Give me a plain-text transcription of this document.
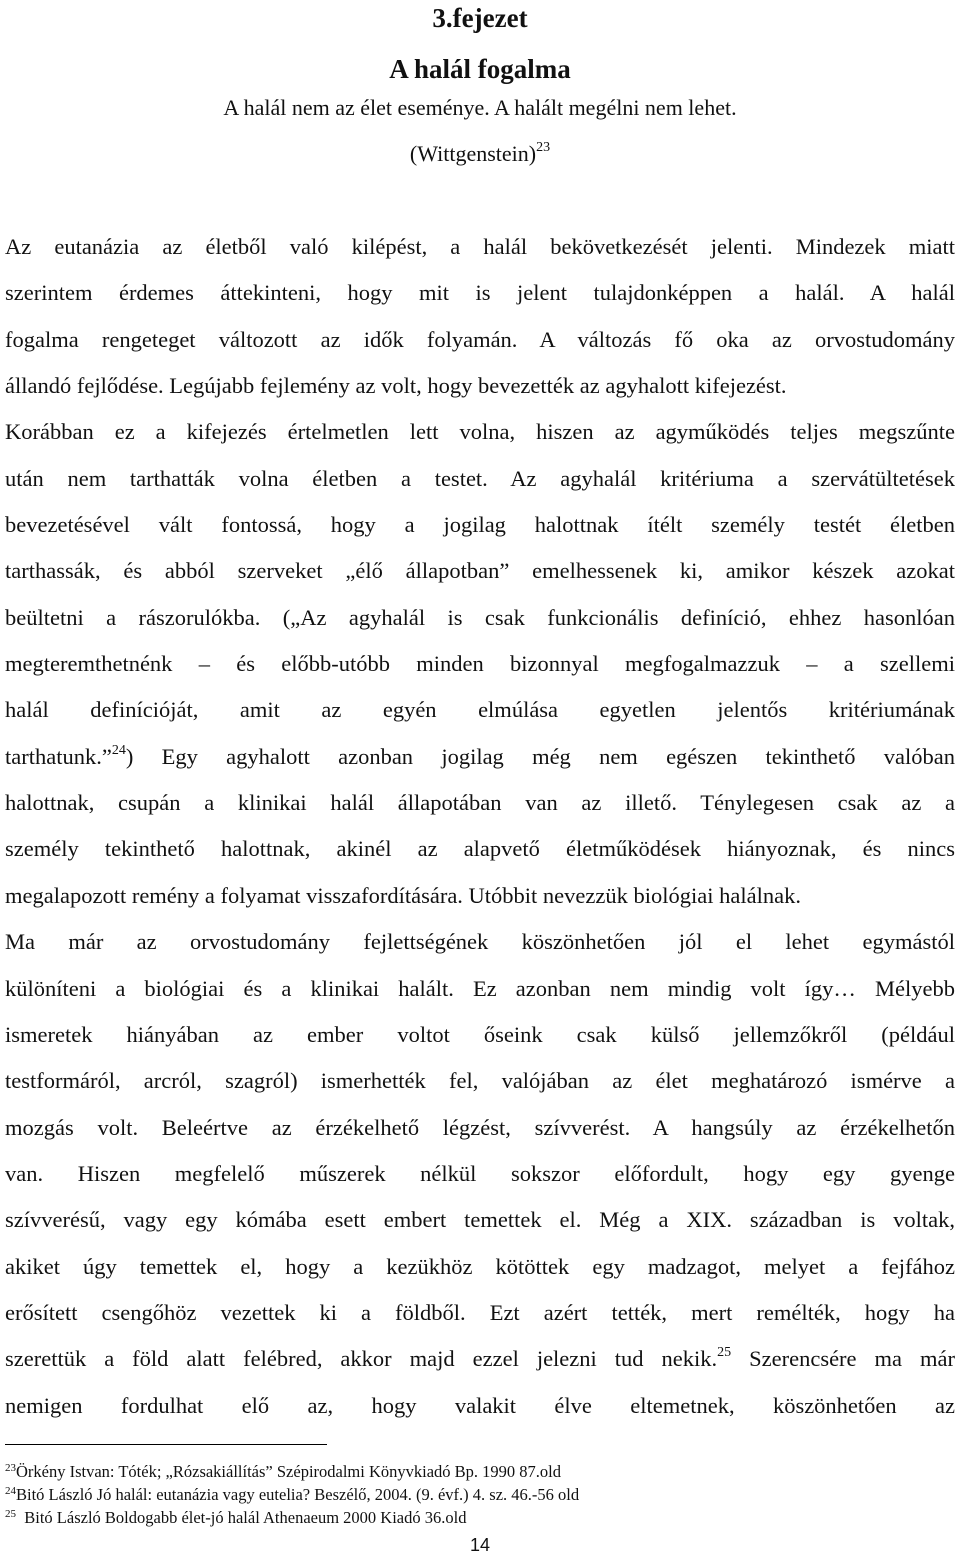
3.fejezet
A halál fogalma
A halál nem az élet eseménye. A halált megélni nem lehet.
(Wittgenstein)$^{23}$
Az eutanázia az életből való kilépést, a halál bekövetkezését jelenti. Mindezek miatt
szerintem érdemes áttekinteni, hogy mit is jelent tulajdonképpen a halál. A halál
fogalma rengeteget változott az idők folyamán. A változás fő oka az orvostudomány
állandó fejlődése. Legújabb fejlemény az volt, hogy bevezették az agyhalott kifejezést.
Korábban ez a kifejezés értelmetlen lett volna, hiszen az agyműködés teljes megszűnte
után nem tarthatták volna életben a testet. Az agyhalál kritériuma a szervátültetések
bevezetésével vált fontossá, hogy a jogilag halottnak ítélt személy testét életben
tarthassák, és abból szerveket „élő állapotban” emelhessenek ki, amikor készek azokat
beültetni a rászorulókba. („Az agyhalál is csak funkcionális definíció, ehhez hasonlóan
megteremthetnénk – és előbb-utóbb minden bizonnyal megfogalmazzuk – a szellemi
halál definícióját, amit az egyén elmúlása egyetlen jelentős kritériumának
tarthatunk.”$^{24}$) Egy agyhalott azonban jogilag még nem egészen tekinthető valóban
halottnak, csupán a klinikai halál állapotában van az illető. Ténylegesen csak az a
személy tekinthető halottnak, akinél az alapvető életműködések hiányoznak, és nincs
megalapozott remény a folyamat visszafordítására. Utóbbit nevezzük biológiai halálnak.
Ma már az orvostudomány fejlettségének köszönhetően jól el lehet egymástól
különíteni a biológiai és a klinikai halált. Ez azonban nem mindig volt így… Mélyebb
ismeretek hiányában az ember voltot őseink csak külső jellemzőkről (például
testformáról, arcról, szagról) ismerhették fel, valójában az élet meghatározó ismérve a
mozgás volt. Beleértve az érzékelhető légzést, szívverést. A hangsúly az érzékelhetőn
van. Hiszen megfelelő műszerek nélkül sokszor előfordult, hogy egy gyenge
szívverésű, vagy egy kómába esett embert temettek el. Még a XIX. században is voltak,
akiket úgy temettek el, hogy a kezükhöz kötöttek egy madzagot, melyet a fejfához
erősített csengőhöz vezettek ki a földből. Ezt azért tették, mert remélték, hogy ha
szerettük a föld alatt felébred, akkor majd ezzel jelezni tud nekik.$^{25}$ Szerencsére ma már
nemigen fordulhat elő az, hogy valakit élve eltemetnek, köszönhetően az
$^{23}$Örkény Istvan: Tóték; „Rózsakiállítás” Szépirodalmi Könyvkiadó Bp. 1990 87.old
$^{24}$Bitó László Jó halál: eutanázia vagy eutelia? Beszélő, 2004. (9. évf.) 4. sz. 46.-56 old
$^{25}$  Bitó László Boldogabb élet-jó halál Athenaeum 2000 Kiadó 36.old
14
